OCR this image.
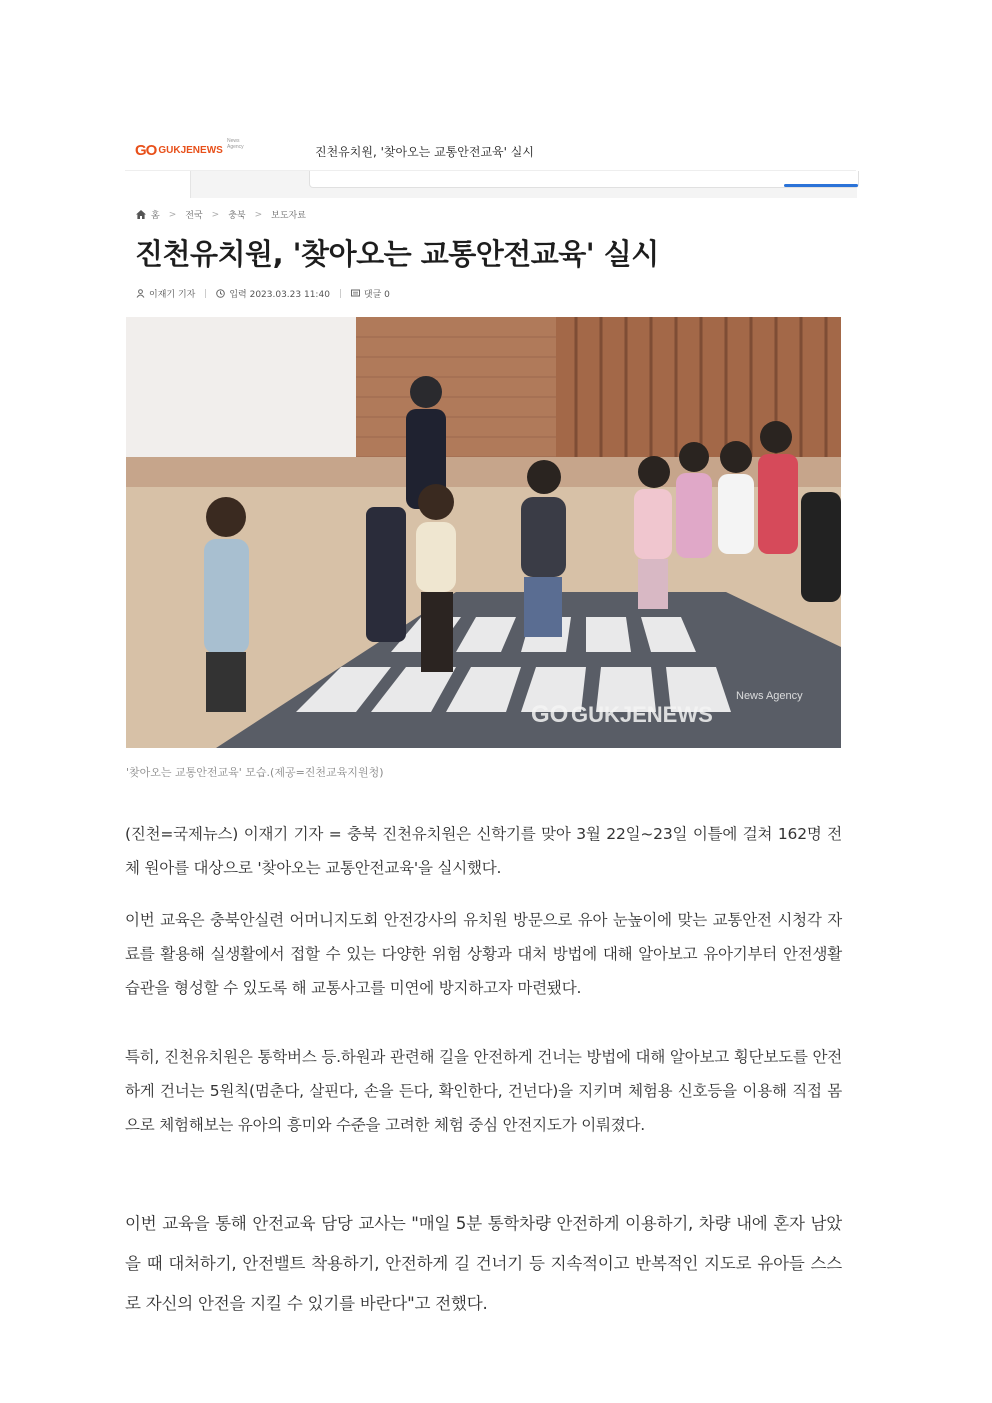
GO GUKJENEWS
News Agency	진천유치원, '찾아오는 교통안전교육' 실시
홈 > 전국 > 충북 > 보도자료
진천유치원, '찾아오는 교통안전교육' 실시
이재기 기자	입력 2023.03.23 11:40	댓글 0
News Agency
GO GUKJENEWS
'찾아오는 교통안전교육' 모습.(제공=진천교육지원청)

(진천=국제뉴스) 이재기 기자 = 충북 진천유치원은 신학기를 맞아 3월 22일~23일 이틀에 걸쳐 162명 전체 원아를 대상으로 '찾아오는 교통안전교육'을 실시했다.

이번 교육은 충북안실련 어머니지도회 안전강사의 유치원 방문으로 유아 눈높이에 맞는 교통안전 시청각 자료를 활용해 실생활에서 접할 수 있는 다양한 위험 상황과 대처 방법에 대해 알아보고 유아기부터 안전생활 습관을 형성할 수 있도록 해 교통사고를 미연에 방지하고자 마련됐다.

특히, 진천유치원은 통학버스 등.하원과 관련해 길을 안전하게 건너는 방법에 대해 알아보고 횡단보도를 안전하게 건너는 5원칙(멈춘다, 살핀다, 손을 든다, 확인한다, 건넌다)을 지키며 체험용 신호등을 이용해 직접 몸으로 체험해보는 유아의 흥미와 수준을 고려한 체험 중심 안전지도가 이뤄졌다.

이번 교육을 통해 안전교육 담당 교사는 "매일 5분 통학차량 안전하게 이용하기, 차량 내에 혼자 남았을 때 대처하기, 안전밸트 착용하기, 안전하게 길 건너기 등 지속적이고 반복적인 지도로 유아들 스스로 자신의 안전을 지킬 수 있기를 바란다"고 전했다.
